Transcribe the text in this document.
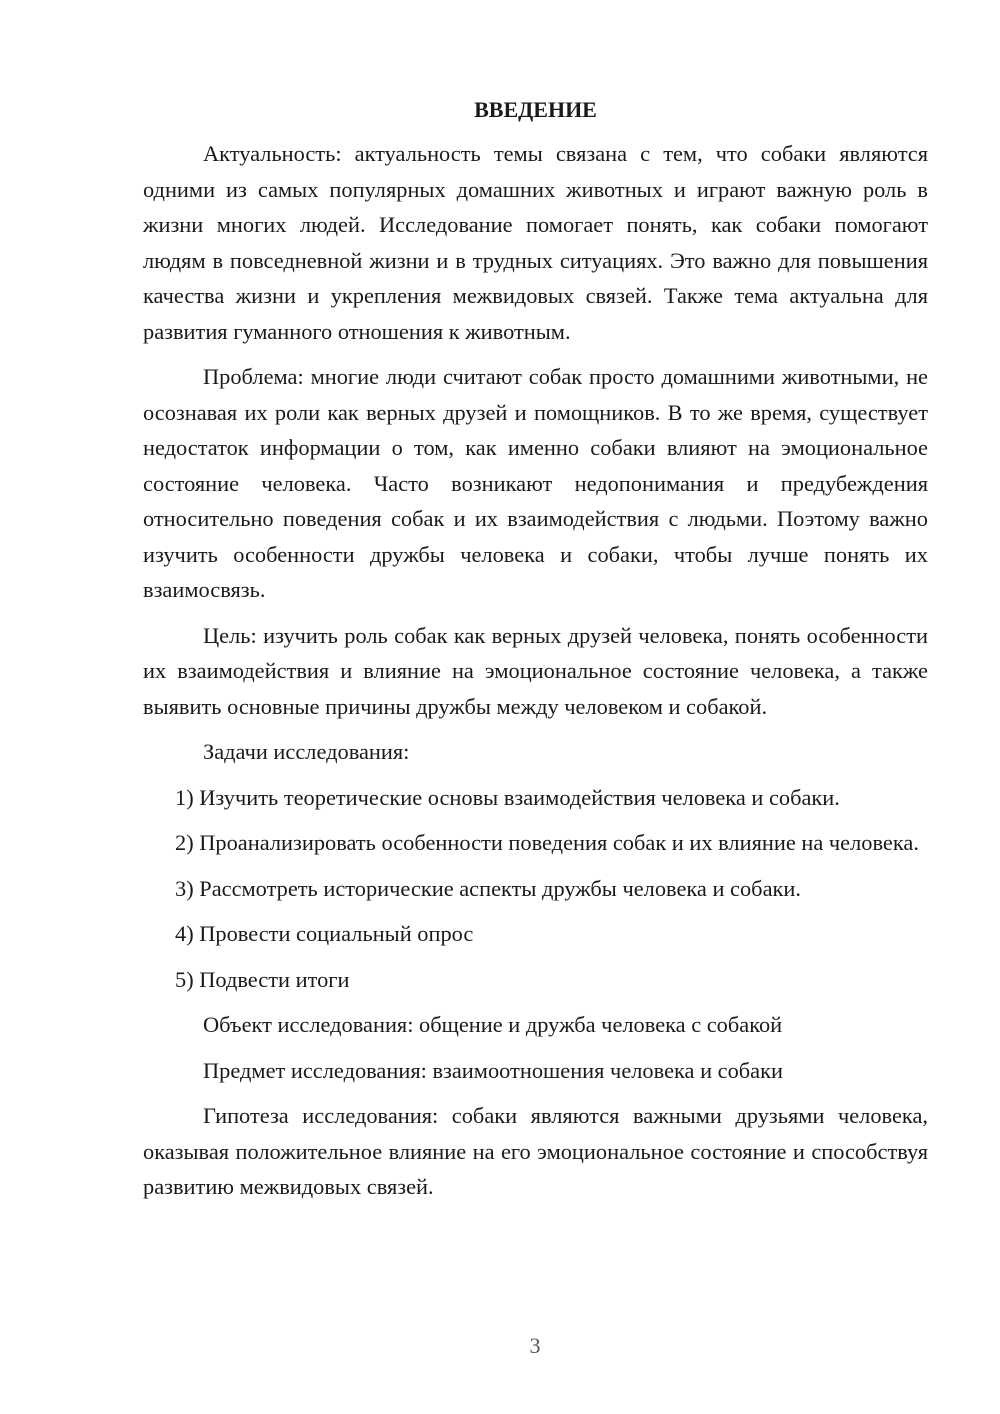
ВВЕДЕНИЕ

Актуальность: актуальность темы связана с тем, что собаки являются одними из самых популярных домашних животных и играют важную роль в жизни многих людей. Исследование помогает понять, как собаки помогают людям в повседневной жизни и в трудных ситуациях. Это важно для повышения качества жизни и укрепления межвидовых связей. Также тема актуальна для развития гуманного отношения к животным.

Проблема: многие люди считают собак просто домашними животными, не осознавая их роли как верных друзей и помощников. В то же время, существует недостаток информации о том, как именно собаки влияют на эмоциональное состояние человека. Часто возникают недопонимания и предубеждения относительно поведения собак и их взаимодействия с людьми. Поэтому важно изучить особенности дружбы человека и собаки, чтобы лучше понять их взаимосвязь.

Цель: изучить роль собак как верных друзей человека, понять особенности их взаимодействия и влияние на эмоциональное состояние человека, а также выявить основные причины дружбы между человеком и собакой.

Задачи исследования:

1) Изучить теоретические основы взаимодействия человека и собаки.

2) Проанализировать особенности поведения собак и их влияние на человека.

3) Рассмотреть исторические аспекты дружбы человека и собаки.

4) Провести социальный опрос

5) Подвести итоги

Объект исследования: общение и дружба человека с собакой

Предмет исследования: взаимоотношения человека и собаки

Гипотеза исследования: собаки являются важными друзьями человека, оказывая положительное влияние на его эмоциональное состояние и способствуя развитию межвидовых связей.

3
